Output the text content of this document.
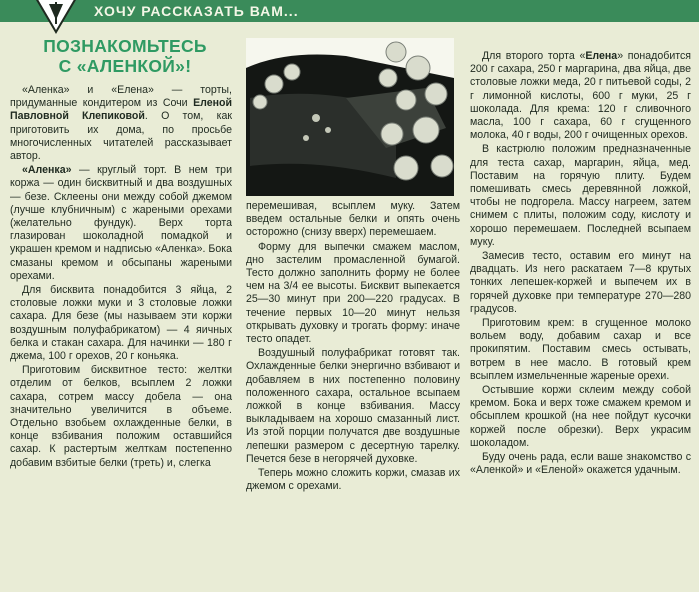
ХОЧУ РАССКАЗАТЬ ВАМ...
ПОЗНАКОМЬТЕСЬ
С «АЛЕНКОЙ»!

«Аленка» и «Елена» — торты, придуманные кондитером из Сочи Еленой Павловной Клепиковой. О том, как приготовить их дома, по просьбе многочисленных читателей рассказывает автор.

«Аленка» — круглый торт. В нем три коржа — один бисквитный и два воздушных — безе. Склеены они между собой джемом (лучше клубничным) с жареными орехами (желательно фундук). Верх торта глазирован шоколадной помадкой и украшен кремом и надписью «Аленка». Бока смазаны кремом и обсыпаны жареными орехами.

Для бисквита понадобится 3 яйца, 2 столовые ложки муки и 3 столовые ложки сахара. Для безе (мы называем эти коржи воздушным полуфабрикатом) — 4 яичных белка и стакан сахара. Для начинки — 180 г джема, 100 г орехов, 20 г коньяка.

Приготовим бисквитное тесто: желтки отделим от белков, всыплем 2 ложки сахара, сотрем массу добела — она значительно увеличится в объеме. Отдельно взобьем охлажденные белки, в конце взбивания положим оставшийся сахар. К растертым желткам постепенно добавим взбитые белки (треть) и, слегка

перемешивая, всыплем муку. Затем введем остальные белки и опять очень осторожно (снизу вверх) перемешаем.

Форму для выпечки смажем маслом, дно застелим промасленной бумагой. Тесто должно заполнить форму не более чем на 3/4 ее высоты. Бисквит выпекается 25—30 минут при 200—220 градусах. В течение первых 10—20 минут нельзя открывать духовку и трогать форму: иначе тесто опадет.

Воздушный полуфабрикат готовят так. Охлажденные белки энергично взбивают и добавляем в них постепенно половину положенного сахара, остальное всыпаем ложкой в конце взбивания. Массу выкладываем на хорошо смазанный лист. Из этой порции получатся две воздушные лепешки размером с десертную тарелку. Печется безе в негорячей духовке.

Теперь можно сложить коржи, смазав их джемом с орехами.

Для второго торта «Елена» понадобится 200 г сахара, 250 г маргарина, два яйца, две столовые ложки меда, 20 г питьевой соды, 2 г лимонной кислоты, 600 г муки, 25 г шоколада. Для крема: 120 г сливочного масла, 100 г сахара, 60 г сгущенного молока, 40 г воды, 200 г очищенных орехов.

В кастрюлю положим предназначенные для теста сахар, маргарин, яйца, мед. Поставим на горячую плиту. Будем помешивать смесь деревянной ложкой, чтобы не подгорела. Массу нагреем, затем снимем с плиты, положим соду, кислоту и хорошо перемешаем. Последней всыпаем муку.

Замесив тесто, оставим его минут на двадцать. Из него раскатаем 7—8 крутых тонких лепешек-коржей и выпечем их в горячей духовке при температуре 270—280 градусов.

Приготовим крем: в сгущенное молоко вольем воду, добавим сахар и все прокипятим. Поставим смесь остывать, вотрем в нее масло. В готовый крем всыплем измельченные жареные орехи.

Остывшие коржи склеим между собой кремом. Бока и верх тоже смажем кремом и обсыплем крошкой (на нее пойдут кусочки коржей после обрезки). Верх украсим шоколадом.

Буду очень рада, если ваше знакомство с «Аленкой» и «Еленой» окажется удачным.
